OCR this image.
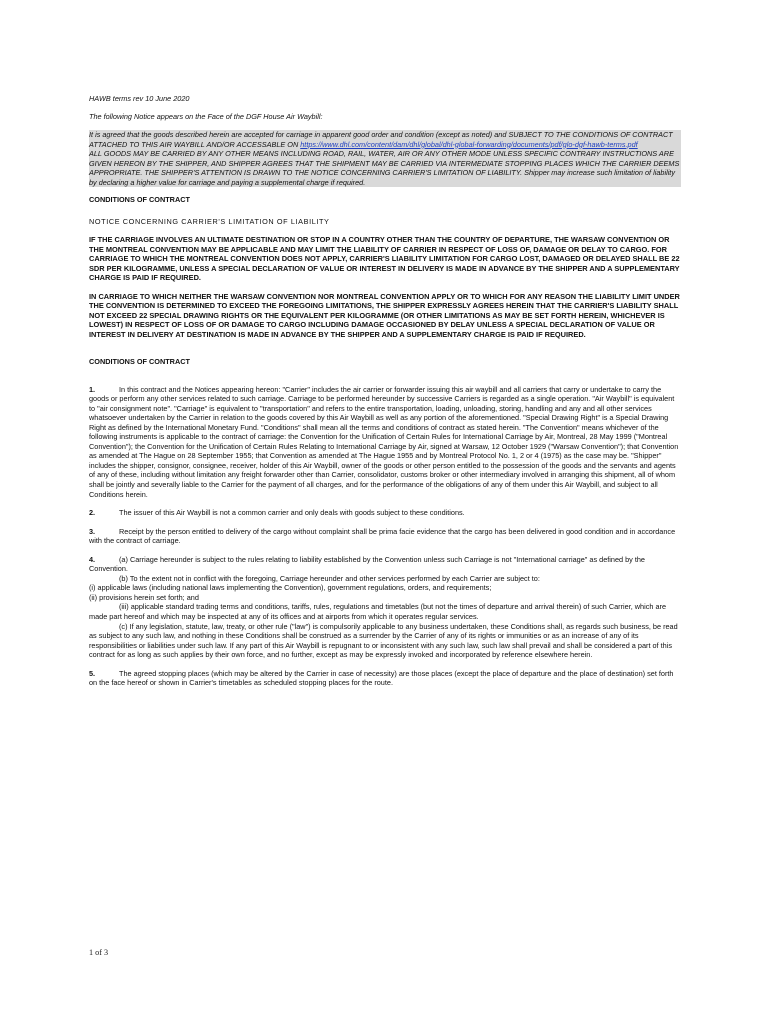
HAWB terms rev 10 June 2020

The following Notice appears on the Face of the DGF House Air Waybill:

It is agreed that the goods described herein are accepted for carriage in apparent good order and condition (except as noted) and SUBJECT TO THE CONDITIONS OF CONTRACT ATTACHED TO THIS AIR WAYBILL AND/OR ACCESSABLE ON https://www.dhl.com/content/dam/dhl/global/dhl-global-forwarding/documents/pdf/glo-dgf-hawb-terms.pdf
ALL GOODS MAY BE CARRIED BY ANY OTHER MEANS INCLUDING ROAD, RAIL, WATER, AIR OR ANY OTHER MODE UNLESS SPECIFIC CONTRARY INSTRUCTIONS ARE GIVEN HEREON BY THE SHIPPER, AND SHIPPER AGREES THAT THE SHIPMENT MAY BE CARRIED VIA INTERMEDIATE STOPPING PLACES WHICH THE CARRIER DEEMS APPROPRIATE. THE SHIPPER'S ATTENTION IS DRAWN TO THE NOTICE CONCERNING CARRIER'S LIMITATION OF LIABILITY. Shipper may increase such limitation of liability by declaring a higher value for carriage and paying a supplemental charge if required.

CONDITIONS OF CONTRACT

NOTICE CONCERNING CARRIER'S LIMITATION OF LIABILITY

IF THE CARRIAGE INVOLVES AN ULTIMATE DESTINATION OR STOP IN A COUNTRY OTHER THAN THE COUNTRY OF DEPARTURE, THE WARSAW CONVENTION OR THE MONTREAL CONVENTION MAY BE APPLICABLE AND MAY LIMIT THE LIABILITY OF CARRIER IN RESPECT OF LOSS OF, DAMAGE OR DELAY TO CARGO. FOR CARRIAGE TO WHICH THE MONTREAL CONVENTION DOES NOT APPLY, CARRIER'S LIABILITY LIMITATION FOR CARGO LOST, DAMAGED OR DELAYED SHALL BE 22 SDR PER KILOGRAMME, UNLESS A SPECIAL DECLARATION OF VALUE OR INTEREST IN DELIVERY IS MADE IN ADVANCE BY THE SHIPPER AND A SUPPLEMENTARY CHARGE IS PAID IF REQUIRED.

IN CARRIAGE TO WHICH NEITHER THE WARSAW CONVENTION NOR MONTREAL CONVENTION APPLY OR TO WHICH FOR ANY REASON THE LIABILITY LIMIT UNDER THE CONVENTION IS DETERMINED TO EXCEED THE FOREGOING LIMITATIONS, THE SHIPPER EXPRESSLY AGREES HEREIN THAT THE CARRIER'S LIABILITY SHALL NOT EXCEED 22 SPECIAL DRAWING RIGHTS OR THE EQUIVALENT PER KILOGRAMME (OR OTHER LIMITATIONS AS MAY BE SET FORTH HEREIN, WHICHEVER IS LOWEST) IN RESPECT OF LOSS OF OR DAMAGE TO CARGO INCLUDING DAMAGE OCCASIONED BY DELAY UNLESS A SPECIAL DECLARATION OF VALUE OR INTEREST IN DELIVERY AT DESTINATION IS MADE IN ADVANCE BY THE SHIPPER AND A SUPPLEMENTARY CHARGE IS PAID IF REQUIRED.

CONDITIONS OF CONTRACT

1.	In this contract and the Notices appearing hereon: "Carrier" includes the air carrier or forwarder issuing this air waybill and all carriers that carry or undertake to carry the goods or perform any other services related to such carriage. Carriage to be performed hereunder by successive Carriers is regarded as a single operation. "Air Waybill" is equivalent to "air consignment note". "Carriage" is equivalent to "transportation" and refers to the entire transportation, loading, unloading, storing, handling and any and all other services whatsoever undertaken by the Carrier in relation to the goods covered by this Air Waybill as well as any portion of the aforementioned. "Special Drawing Right" is a Special Drawing Right as defined by the International Monetary Fund. "Conditions" shall mean all the terms and conditions of contract as stated herein. "The Convention" means whichever of the following instruments is applicable to the contract of carriage: the Convention for the Unification of Certain Rules for International Carriage by Air, Montreal, 28 May 1999 ("Montreal Convention"); the Convention for the Unification of Certain Rules Relating to International Carriage by Air, signed at Warsaw, 12 October 1929 ("Warsaw Convention"); that Convention as amended at The Hague on 28 September 1955; that Convention as amended at The Hague 1955 and by Montreal Protocol No. 1, 2 or 4 (1975) as the case may be. "Shipper" includes the shipper, consignor, consignee, receiver, holder of this Air Waybill, owner of the goods or other person entitled to the possession of the goods and the servants and agents of any of these, including without limitation any freight forwarder other than Carrier, consolidator, customs broker or other intermediary involved in arranging this shipment, all of whom shall be jointly and severally liable to the Carrier for the payment of all charges, and for the performance of the obligations of any of them under this Air Waybill, and subject to all Conditions herein.

2.	The issuer of this Air Waybill is not a common carrier and only deals with goods subject to these conditions.

3.	Receipt by the person entitled to delivery of the cargo without complaint shall be prima facie evidence that the cargo has been delivered in good condition and in accordance with the contract of carriage.

4.	(a) Carriage hereunder is subject to the rules relating to liability established by the Convention unless such Carriage is not "International carriage" as defined by the Convention.

(b) To the extent not in conflict with the foregoing, Carriage hereunder and other services performed by each Carrier are subject to:

(i) applicable laws (including national laws implementing the Convention), government regulations, orders, and requirements;

(ii) provisions herein set forth; and

(iii) applicable standard trading terms and conditions, tariffs, rules, regulations and timetables (but not the times of departure and arrival therein) of such Carrier, which are made part hereof and which may be inspected at any of its offices and at airports from which it operates regular services.

(c) If any legislation, statute, law, treaty, or other rule ("law") is compulsorily applicable to any business undertaken, these Conditions shall, as regards such business, be read as subject to any such law, and nothing in these Conditions shall be construed as a surrender by the Carrier of any of its rights or immunities or as an increase of any of its responsibilities or liabilities under such law. If any part of this Air Waybill is repugnant to or inconsistent with any such law, such law shall prevail and shall be considered a part of this contract for as long as such applies by their own force, and no further, except as may be expressly invoked and incorporated by reference elsewhere herein.

5.	The agreed stopping places (which may be altered by the Carrier in case of necessity) are those places (except the place of departure and the place of destination) set forth on the face hereof or shown in Carrier's timetables as scheduled stopping places for the route.

1 of 3
